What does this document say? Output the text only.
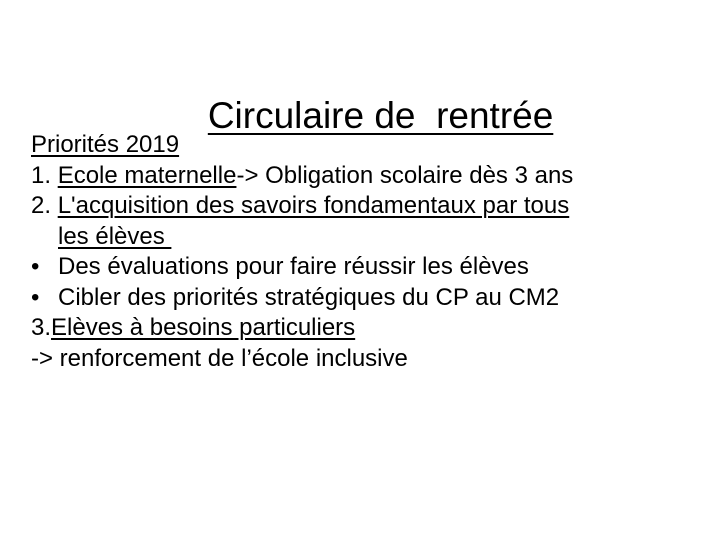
Circulaire de  rentrée

Priorités 2019
1. Ecole maternelle-> Obligation scolaire dès 3 ans
2. L'acquisition des savoirs fondamentaux par tous
les élèves
• Des évaluations pour faire réussir les élèves
• Cibler des priorités stratégiques du CP au CM2
3.Elèves à besoins particuliers
-> renforcement de l’école inclusive
